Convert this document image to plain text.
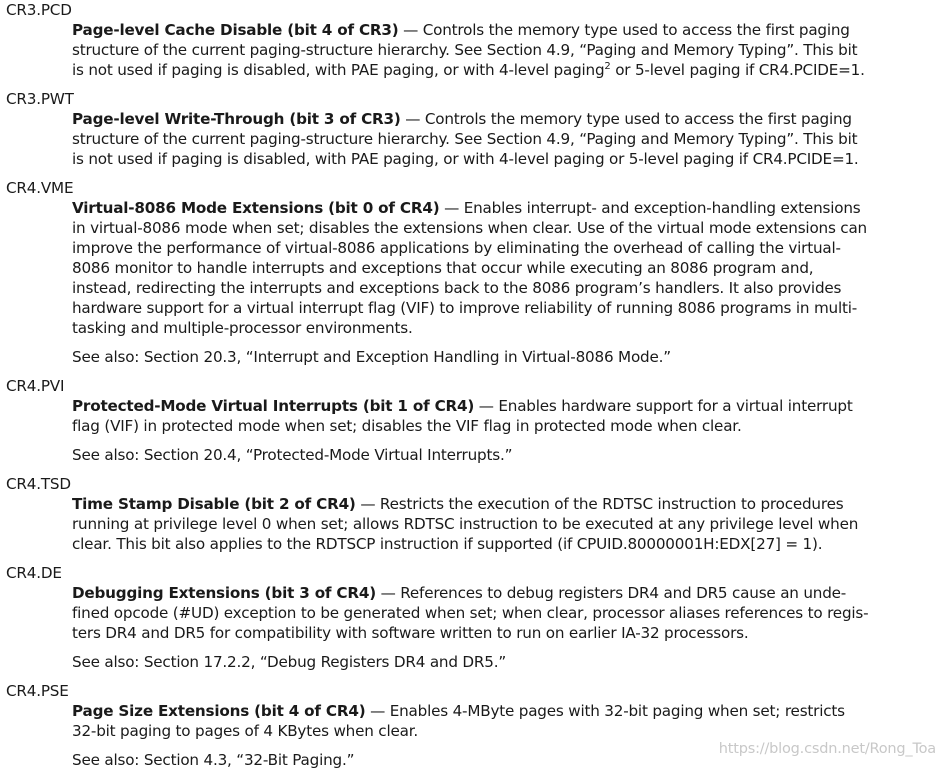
CR3.PCD
Page-level Cache Disable (bit 4 of CR3) — Controls the memory type used to access the first paging
structure of the current paging-structure hierarchy. See Section 4.9, “Paging and Memory Typing”. This bit
is not used if paging is disabled, with PAE paging, or with 4-level paging$^2$ or 5-level paging if CR4.PCIDE=1.
CR3.PWT
Page-level Write-Through (bit 3 of CR3) — Controls the memory type used to access the first paging
structure of the current paging-structure hierarchy. See Section 4.9, “Paging and Memory Typing”. This bit
is not used if paging is disabled, with PAE paging, or with 4-level paging or 5-level paging if CR4.PCIDE=1.
CR4.VME
Virtual-8086 Mode Extensions (bit 0 of CR4) — Enables interrupt- and exception-handling extensions
in virtual-8086 mode when set; disables the extensions when clear. Use of the virtual mode extensions can
improve the performance of virtual-8086 applications by eliminating the overhead of calling the virtual-
8086 monitor to handle interrupts and exceptions that occur while executing an 8086 program and,
instead, redirecting the interrupts and exceptions back to the 8086 program’s handlers. It also provides
hardware support for a virtual interrupt flag (VIF) to improve reliability of running 8086 programs in multi-
tasking and multiple-processor environments.
See also: Section 20.3, “Interrupt and Exception Handling in Virtual-8086 Mode.”
CR4.PVI
Protected-Mode Virtual Interrupts (bit 1 of CR4) — Enables hardware support for a virtual interrupt
flag (VIF) in protected mode when set; disables the VIF flag in protected mode when clear.
See also: Section 20.4, “Protected-Mode Virtual Interrupts.”
CR4.TSD
Time Stamp Disable (bit 2 of CR4) — Restricts the execution of the RDTSC instruction to procedures
running at privilege level 0 when set; allows RDTSC instruction to be executed at any privilege level when
clear. This bit also applies to the RDTSCP instruction if supported (if CPUID.80000001H:EDX[27] = 1).
CR4.DE
Debugging Extensions (bit 3 of CR4) — References to debug registers DR4 and DR5 cause an unde-
fined opcode (#UD) exception to be generated when set; when clear, processor aliases references to regis-
ters DR4 and DR5 for compatibility with software written to run on earlier IA-32 processors.
See also: Section 17.2.2, “Debug Registers DR4 and DR5.”
CR4.PSE
Page Size Extensions (bit 4 of CR4) — Enables 4-MByte pages with 32-bit paging when set; restricts
32-bit paging to pages of 4 KBytes when clear.
See also: Section 4.3, “32-Bit Paging.”
https://blog.csdn.net/Rong_Toa
